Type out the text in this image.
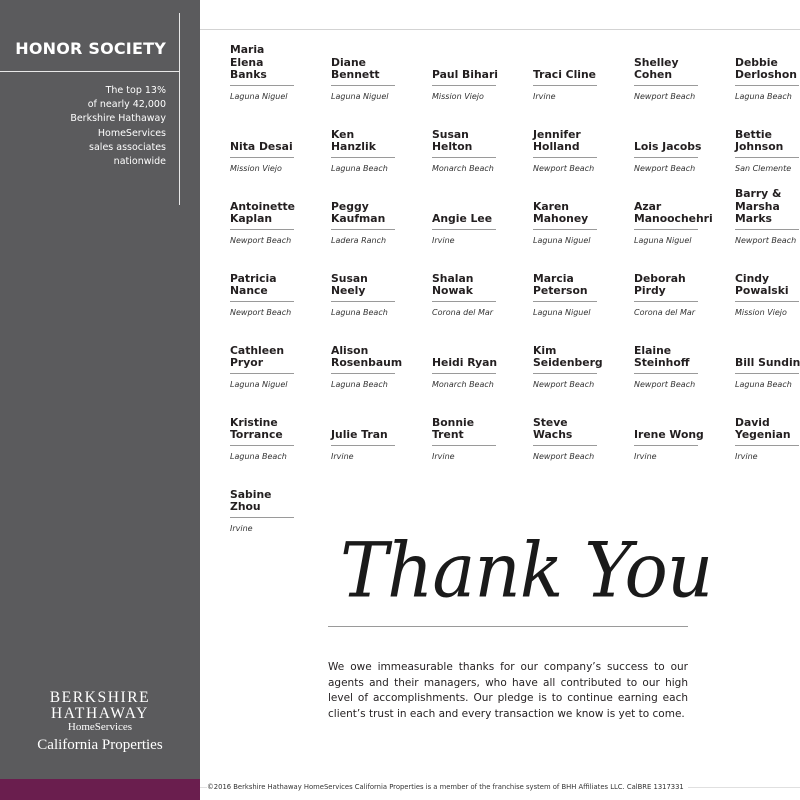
HONOR SOCIETY
The top 13%
of nearly 42,000
Berkshire Hathaway
HomeServices
sales associates
nationwide
BERKSHIRE
HATHAWAY
HomeServices
California Properties
Maria Elena Banks
Laguna Niguel
Diane Bennett
Laguna Niguel
Paul Bihari
Mission Viejo
Traci Cline
Irvine
Shelley Cohen
Newport Beach
Debbie Derloshon
Laguna Beach
Nita Desai
Mission Viejo
Ken Hanzlik
Laguna Beach
Susan Helton
Monarch Beach
Jennifer Holland
Newport Beach
Lois Jacobs
Newport Beach
Bettie Johnson
San Clemente
Antoinette Kaplan
Newport Beach
Peggy Kaufman
Ladera Ranch
Angie Lee
Irvine
Karen Mahoney
Laguna Niguel
Azar Manoochehri
Laguna Niguel
Barry & Marsha Marks
Newport Beach
Patricia Nance
Newport Beach
Susan Neely
Laguna Beach
Shalan Nowak
Corona del Mar
Marcia Peterson
Laguna Niguel
Deborah Pirdy
Corona del Mar
Cindy Powalski
Mission Viejo
Cathleen Pryor
Laguna Niguel
Alison Rosenbaum
Laguna Beach
Heidi Ryan
Monarch Beach
Kim Seidenberg
Newport Beach
Elaine Steinhoff
Newport Beach
Bill Sundin
Laguna Beach
Kristine Torrance
Laguna Beach
Julie Tran
Irvine
Bonnie Trent
Irvine
Steve Wachs
Newport Beach
Irene Wong
Irvine
David Yegenian
Irvine
Sabine Zhou
Irvine	Thank You
We owe immeasurable thanks for our company’s success to our agents and their managers, who have all contributed to our high level of accomplishments. Our pledge is to continue earning each client’s trust in each and every transaction we know is yet to come.
©2016 Berkshire Hathaway HomeServices California Properties is a member of the franchise system of BHH Affiliates LLC. CalBRE 1317331
